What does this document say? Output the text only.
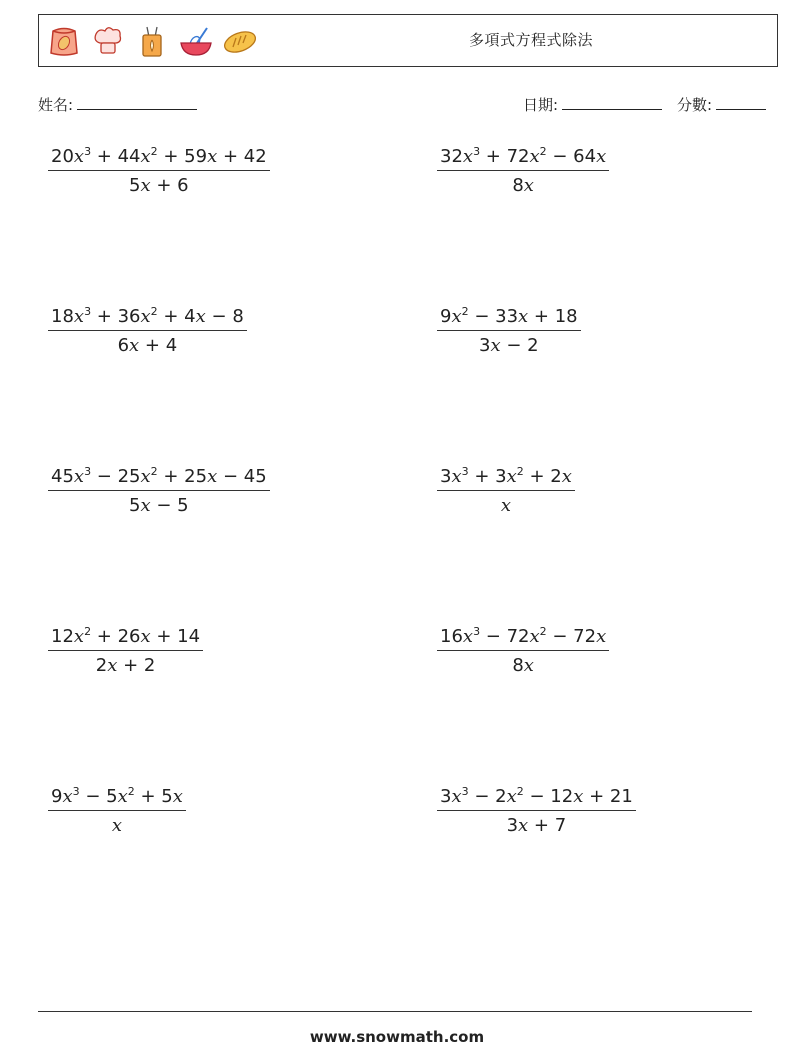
多項式方程式除法
姓名:	日期:	分數:
$\frac{20x^3 + 44x^2 + 59x + 42}{5x + 6}$	$\frac{32x^3 + 72x^2 - 64x}{8x}$
$\frac{18x^3 + 36x^2 + 4x - 8}{6x + 4}$	$\frac{9x^2 - 33x + 18}{3x - 2}$
$\frac{45x^3 - 25x^2 + 25x - 45}{5x - 5}$	$\frac{3x^3 + 3x^2 + 2x}{x}$
$\frac{12x^2 + 26x + 14}{2x + 2}$	$\frac{16x^3 - 72x^2 - 72x}{8x}$
$\frac{9x^3 - 5x^2 + 5x}{x}$	$\frac{3x^3 - 2x^2 - 12x + 21}{3x + 7}$
www.snowmath.com
